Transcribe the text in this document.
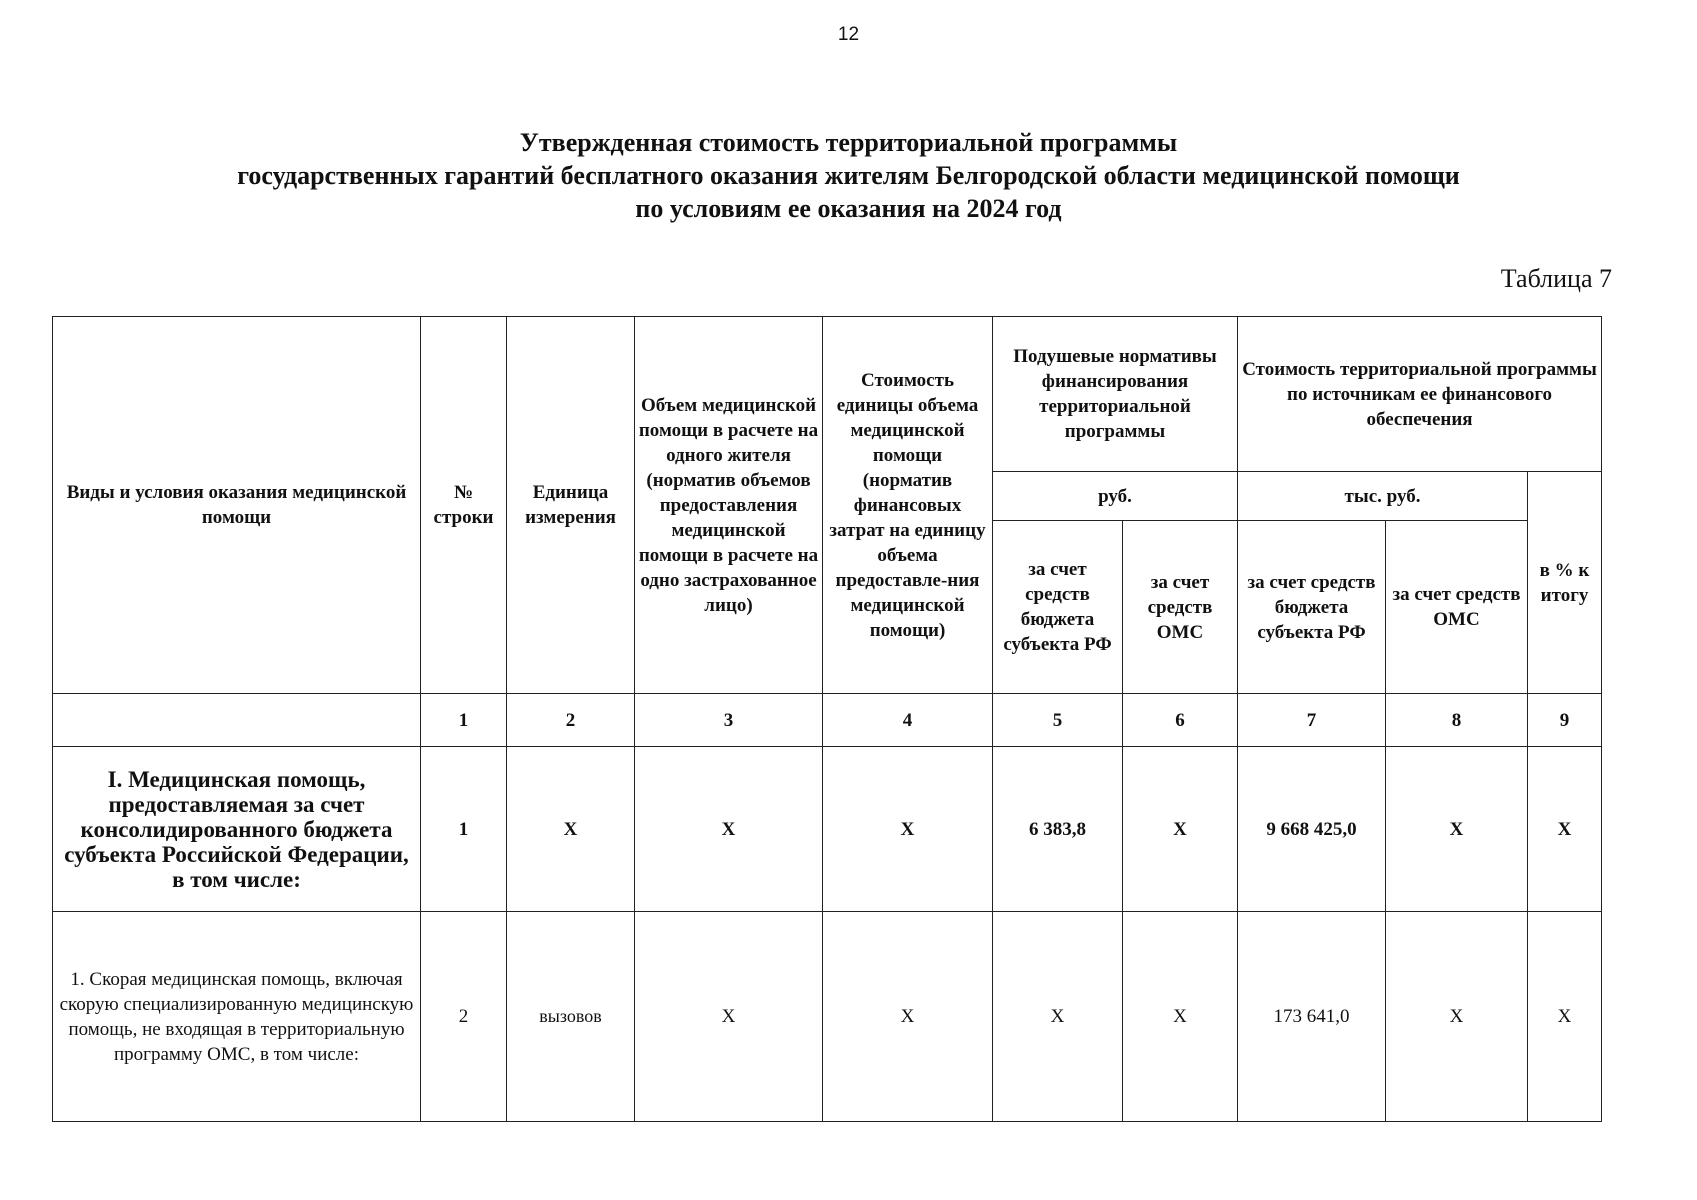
12
Утвержденная стоимость территориальной программы
государственных гарантий бесплатного оказания жителям Белгородской области медицинской помощи
по условиям ее оказания на 2024 год
Таблица 7
Виды и условия оказания медицинской помощи	№ строки	Единица измерения	Объем медицинской помощи в расчете на одного жителя (норматив объемов предоставления медицинской помощи в расчете на одно застрахованное лицо)	Стоимость единицы объема медицинской помощи (норматив финансовых затрат на единицу объема предоставле-ния медицинской помощи)	Подушевые нормативы финансирования территориальной программы		Стоимость территориальной программы по источникам ее финансового обеспечения		
					руб.		тыс. руб.		в % к итогу
					за счет средств бюджета субъекта РФ	за счет средств ОМС	за счет средств бюджета субъекта РФ	за счет средств ОМС	
	1	2	3	4	5	6	7	8	9
I. Медицинская помощь, предоставляемая за счет консолидированного бюджета субъекта Российской Федерации, в том числе:	1	X	X	X	6 383,8	X	9 668 425,0	X	X
1. Скорая медицинская помощь, включая скорую специализированную медицинскую помощь, не входящая в территориальную программу ОМС, в том числе:	2	вызовов	X	X	X	X	173 641,0	X	X
